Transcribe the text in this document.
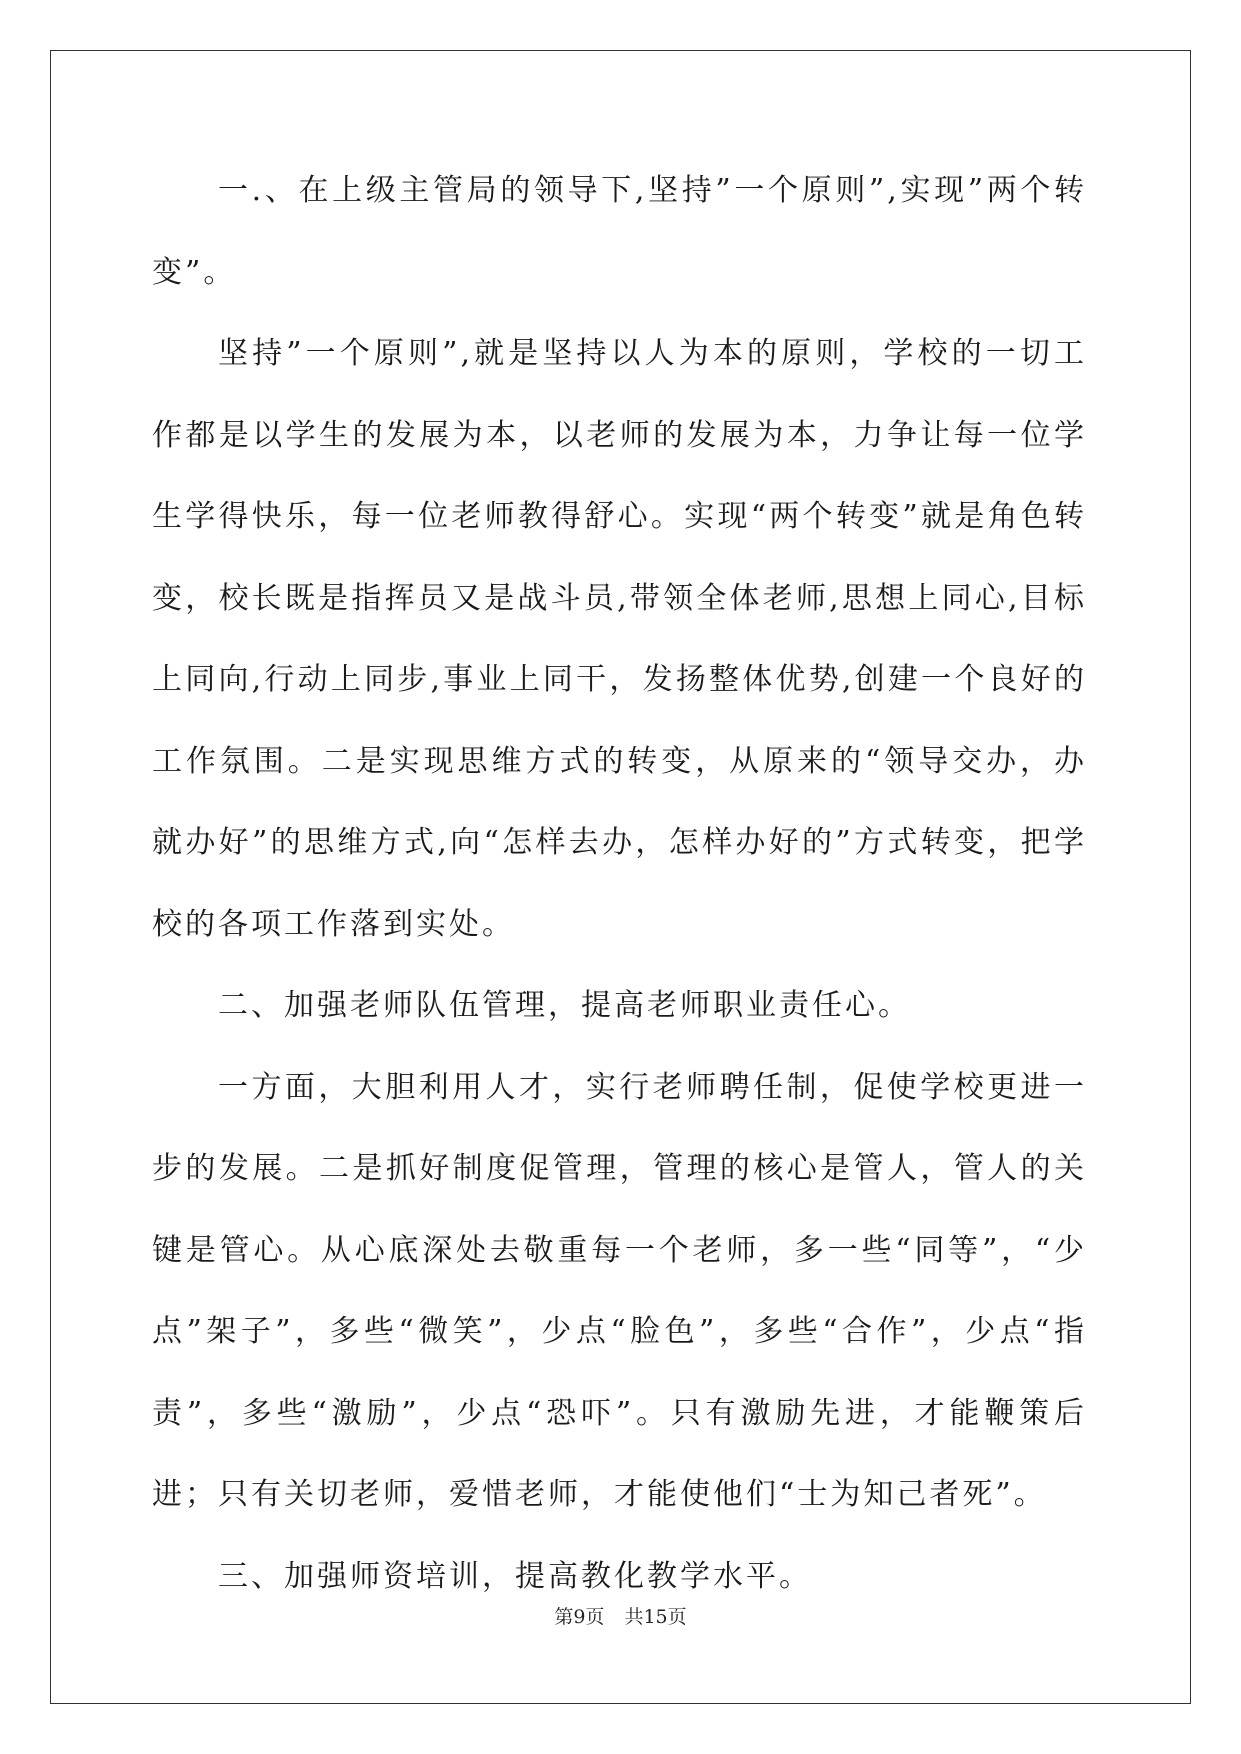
一.、在上级主管局的领导下,坚持”一个原则”,实现”两个转变”。

坚持”一个原则”,就是坚持以人为本的原则，学校的一切工作都是以学生的发展为本，以老师的发展为本，力争让每一位学生学得快乐，每一位老师教得舒心。实现“两个转变”就是角色转变，校长既是指挥员又是战斗员,带领全体老师,思想上同心,目标上同向,行动上同步,事业上同干，发扬整体优势,创建一个良好的工作氛围。二是实现思维方式的转变，从原来的“领导交办，办就办好”的思维方式,向“怎样去办，怎样办好的”方式转变，把学校的各项工作落到实处。

二、加强老师队伍管理，提高老师职业责任心。

一方面，大胆利用人才，实行老师聘任制，促使学校更进一步的发展。二是抓好制度促管理，管理的核心是管人，管人的关键是管心。从心底深处去敬重每一个老师，多一些“同等”，“少点”架子”，多些“微笑”，少点“脸色”，多些“合作”，少点“指责”，多些“激励”，少点“恐吓”。只有激励先进，才能鞭策后进；只有关切老师，爱惜老师，才能使他们“士为知己者死”。

三、加强师资培训，提高教化教学水平。

第9页 共15页
